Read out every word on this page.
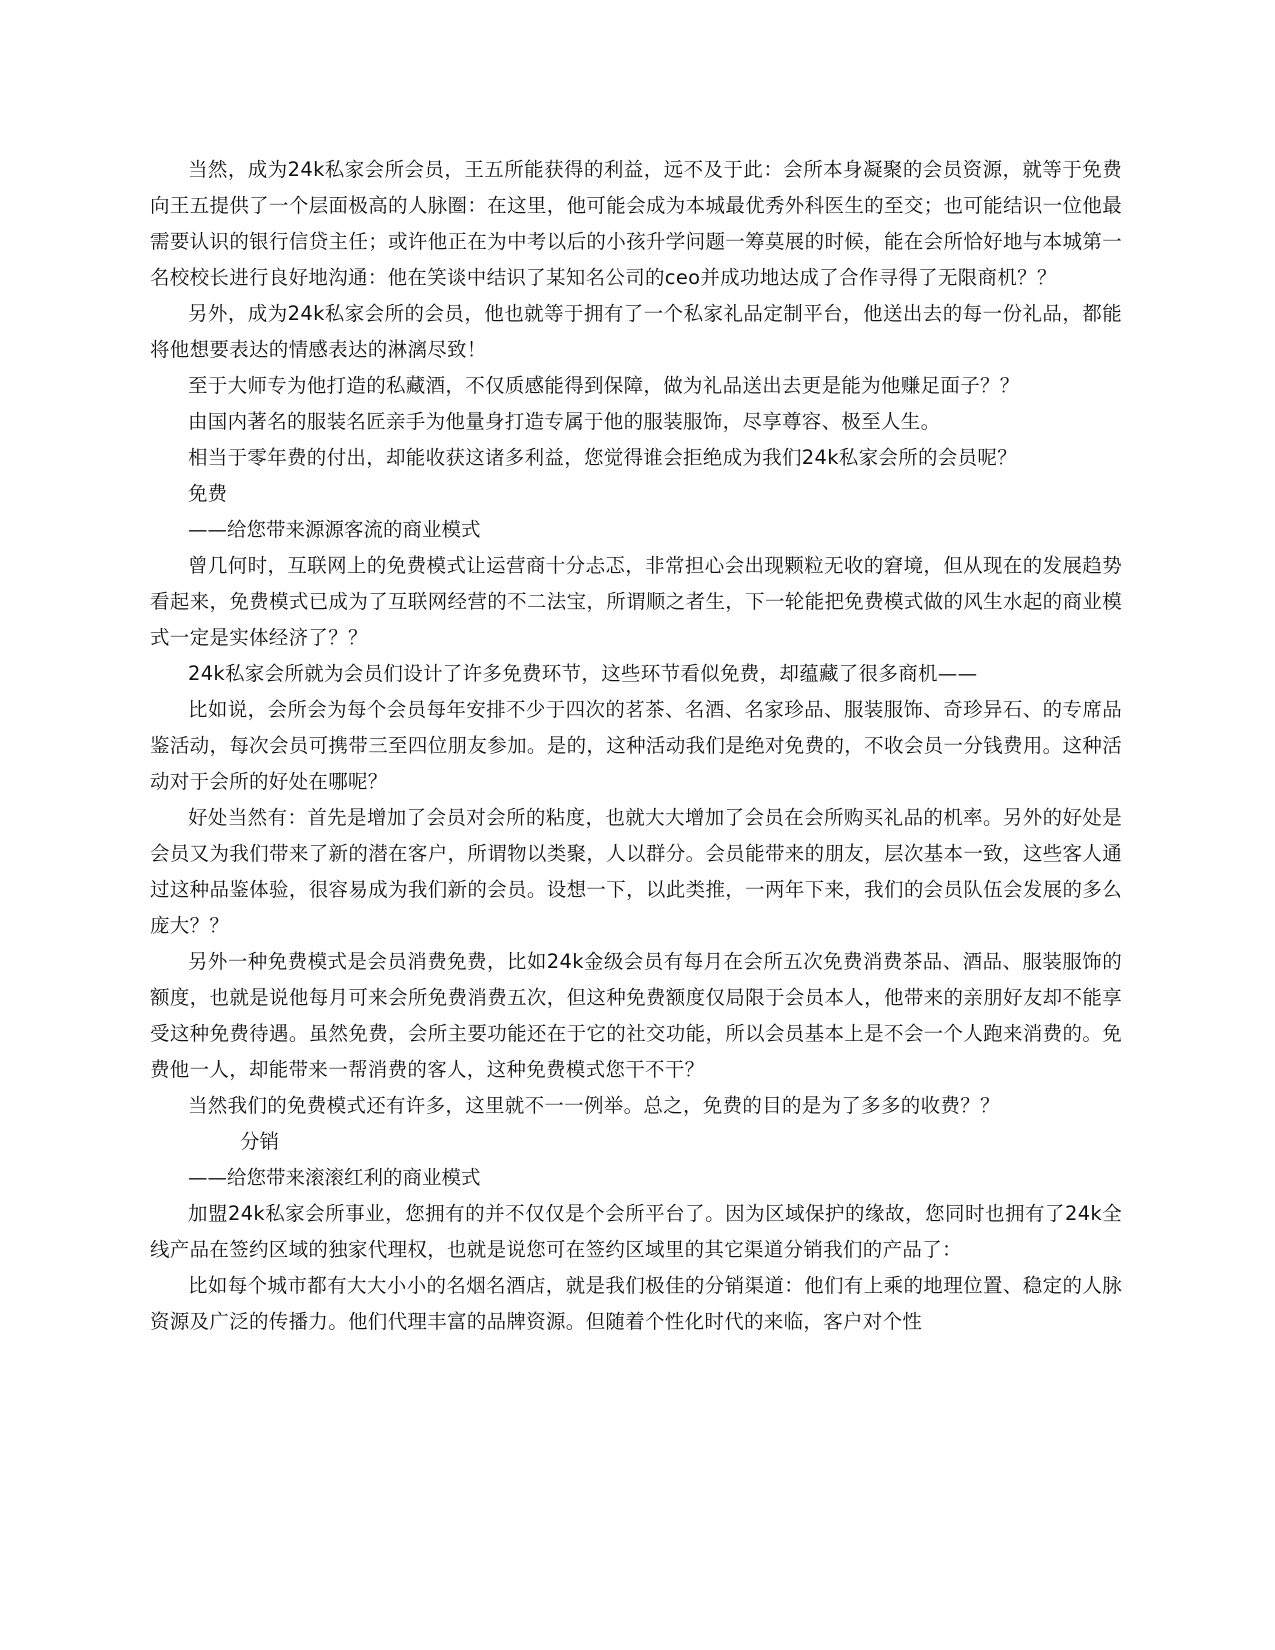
当然，成为24k私家会所会员，王五所能获得的利益，远不及于此：会所本身凝聚的会员资源，就等于免费向王五提供了一个层面极高的人脉圈：在这里，他可能会成为本城最优秀外科医生的至交；也可能结识一位他最需要认识的银行信贷主任；或许他正在为中考以后的小孩升学问题一筹莫展的时候，能在会所恰好地与本城第一名校校长进行良好地沟通：他在笑谈中结识了某知名公司的ceo并成功地达成了合作寻得了无限商机？？

另外，成为24k私家会所的会员，他也就等于拥有了一个私家礼品定制平台，他送出去的每一份礼品，都能将他想要表达的情感表达的淋漓尽致！

至于大师专为他打造的私藏酒，不仅质感能得到保障，做为礼品送出去更是能为他赚足面子？？

由国内著名的服装名匠亲手为他量身打造专属于他的服装服饰，尽享尊容、极至人生。

相当于零年费的付出，却能收获这诸多利益，您觉得谁会拒绝成为我们24k私家会所的会员呢？

免费

——给您带来源源客流的商业模式

曾几何时，互联网上的免费模式让运营商十分忐忑，非常担心会出现颗粒无收的窘境，但从现在的发展趋势看起来，免费模式已成为了互联网经营的不二法宝，所谓顺之者生，下一轮能把免费模式做的风生水起的商业模式一定是实体经济了？？

24k私家会所就为会员们设计了许多免费环节，这些环节看似免费，却蕴藏了很多商机——

比如说，会所会为每个会员每年安排不少于四次的茗茶、名酒、名家珍品、服装服饰、奇珍异石、的专席品鉴活动，每次会员可携带三至四位朋友参加。是的，这种活动我们是绝对免费的，不收会员一分钱费用。这种活动对于会所的好处在哪呢？

好处当然有：首先是增加了会员对会所的粘度，也就大大增加了会员在会所购买礼品的机率。另外的好处是会员又为我们带来了新的潜在客户，所谓物以类聚，人以群分。会员能带来的朋友，层次基本一致，这些客人通过这种品鉴体验，很容易成为我们新的会员。设想一下，以此类推，一两年下来，我们的会员队伍会发展的多么庞大？？

另外一种免费模式是会员消费免费，比如24k金级会员有每月在会所五次免费消费茶品、酒品、服装服饰的额度，也就是说他每月可来会所免费消费五次，但这种免费额度仅局限于会员本人，他带来的亲朋好友却不能享受这种免费待遇。虽然免费，会所主要功能还在于它的社交功能，所以会员基本上是不会一个人跑来消费的。免费他一人，却能带来一帮消费的客人，这种免费模式您干不干？

当然我们的免费模式还有许多，这里就不一一例举。总之，免费的目的是为了多多的收费？？

分销

——给您带来滚滚红利的商业模式

加盟24k私家会所事业，您拥有的并不仅仅是个会所平台了。因为区域保护的缘故，您同时也拥有了24k全线产品在签约区域的独家代理权，也就是说您可在签约区域里的其它渠道分销我们的产品了：

比如每个城市都有大大小小的名烟名酒店，就是我们极佳的分销渠道：他们有上乘的地理位置、稳定的人脉资源及广泛的传播力。他们代理丰富的品牌资源。但随着个性化时代的来临，客户对个性
